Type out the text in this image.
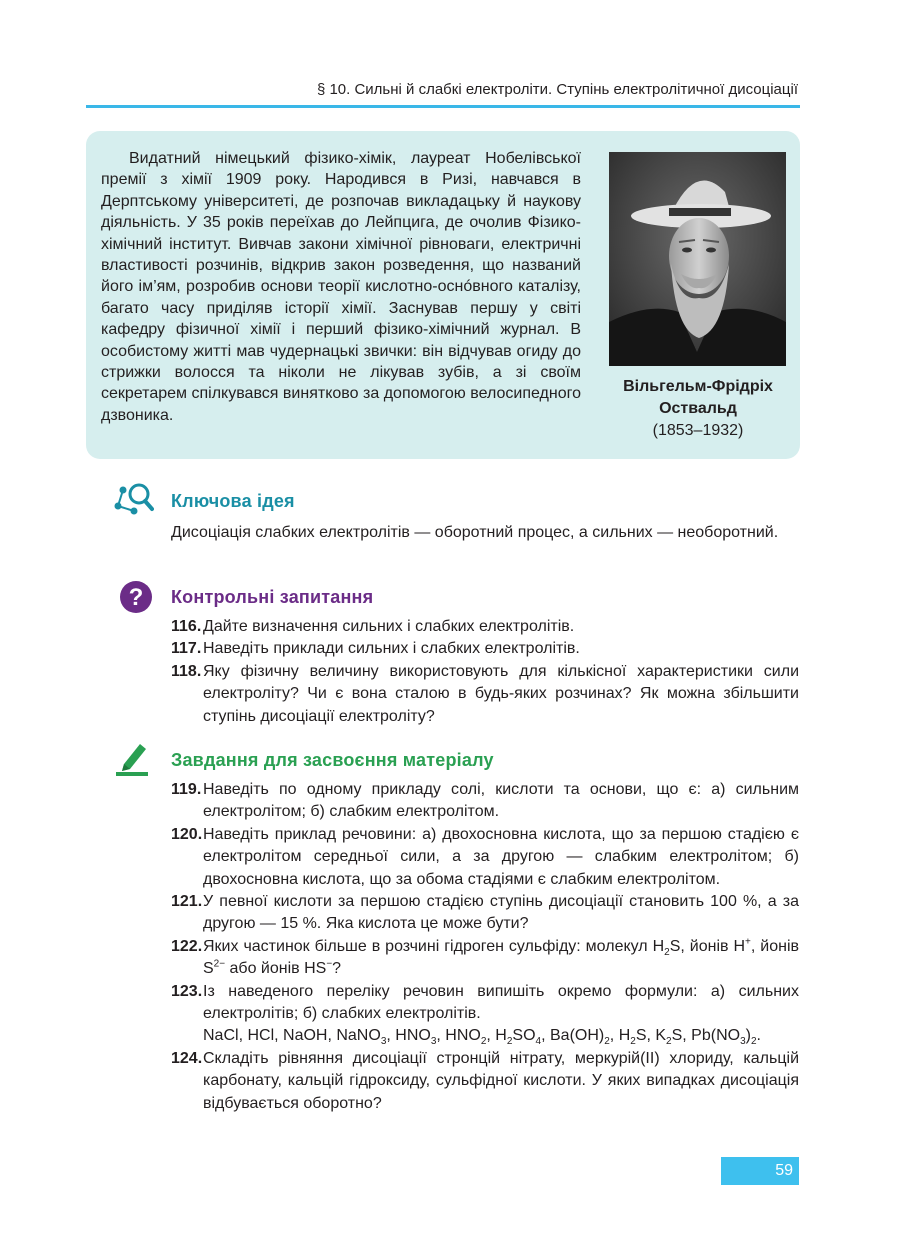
§ 10. Сильні й слабкі електроліти. Ступінь електролітичної дисоціації
Видатний німецький фізико-хімік, лауреат Нобелівської премії з хімії 1909 року. Народився в Ризі, навчався в Дерптському університеті, де розпочав викладацьку й наукову діяльність. У 35 років переїхав до Лейпцига, де очолив Фізико-хімічний інститут. Вивчав закони хімічної рівноваги, електричні властивості розчинів, відкрив закон розведення, що названий його ім’ям, розробив основи теорії кислотно-оснóвного каталізу, багато часу приділяв історії хімії. Заснував першу у світі кафедру фізичної хімії і перший фізико-хімічний журнал. В особистому житті мав чудернацькі звички: він відчував огиду до стрижки волосся та ніколи не лікував зубів, а зі своїм секретарем спілкувався винятково за допомогою велосипедного дзвоника.
Вільгельм-Фрідріх
Оствальд
(1853–1932)
Ключова ідея
Дисоціація слабких електролітів — оборотний процес, а сильних — необоротний.
? Контрольні запитання
116. Дайте визначення сильних і слабких електролітів.
117. Наведіть приклади сильних і слабких електролітів.
118. Яку фізичну величину використовують для кількісної характеристики сили електроліту? Чи є вона сталою в будь-яких розчинах? Як можна збільшити ступінь дисоціації електроліту?
Завдання для засвоєння матеріалу
119. Наведіть по одному прикладу солі, кислоти та основи, що є: а) сильним електролітом; б) слабким електролітом.
120. Наведіть приклад речовини: а) двохосновна кислота, що за першою стадією є електролітом середньої сили, а за другою — слабким електролітом; б) двохосновна кислота, що за обома стадіями є слабким електролітом.
121. У певної кислоти за першою стадією ступінь дисоціації становить 100 %, а за другою — 15 %. Яка кислота це може бути?
122. Яких частинок більше в розчині гідроген сульфіду: молекул $H_2S$, йонів H+, йонів $S^{2-}$ або йонів HS−?
123. Із наведеного переліку речовин випишіть окремо формули: а) сильних електролітів; б) слабких електролітів.
NaCl, HCl, NaOH, NaNO$_3$, $HNO_3$, $HNO_2$, $H_2SO_4$, $Ba(OH)_2$, $H_2S$, $K_2S$, $Pb(NO_3)_2$.
124. Складіть рівняння дисоціації стронцій нітрату, меркурій(ІІ) хлориду, кальцій карбонату, кальцій гідроксиду, сульфідної кислоти. У яких випадках дисоціація відбувається оборотно?
59
